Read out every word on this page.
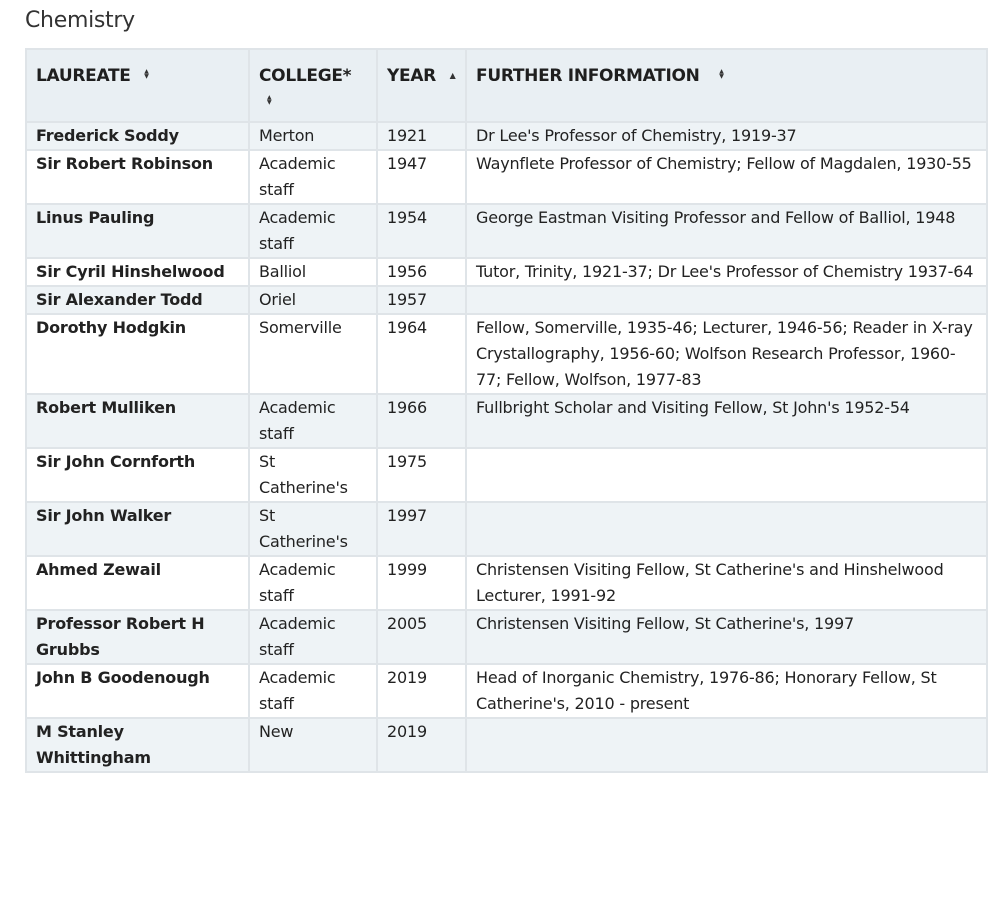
Chemistry
LAUREATE ▲ ▼	COLLEGE* ▲ ▼	YEAR ▲	FURTHER INFORMATION ▲ ▼
Frederick Soddy	Merton	1921	Dr Lee's Professor of Chemistry, 1919-37
Sir Robert Robinson	Academic staff	1947	Waynflete Professor of Chemistry; Fellow of Magdalen, 1930-55
Linus Pauling	Academic staff	1954	George Eastman Visiting Professor and Fellow of Balliol, 1948
Sir Cyril Hinshelwood	Balliol	1956	Tutor, Trinity, 1921-37; Dr Lee's Professor of Chemistry 1937-64
Sir Alexander Todd	Oriel	1957	
Dorothy Hodgkin	Somerville	1964	Fellow, Somerville, 1935-46; Lecturer, 1946-56; Reader in X-ray Crystallography, 1956-60; Wolfson Research Professor, 1960-77; Fellow, Wolfson, 1977-83
Robert Mulliken	Academic staff	1966	Fullbright Scholar and Visiting Fellow, St John's 1952-54
Sir John Cornforth	St Catherine's	1975	
Sir John Walker	St Catherine's	1997	
Ahmed Zewail	Academic staff	1999	Christensen Visiting Fellow, St Catherine's and Hinshelwood Lecturer, 1991-92
Professor Robert H Grubbs	Academic staff	2005	Christensen Visiting Fellow, St Catherine's, 1997
John B Goodenough	Academic staff	2019	Head of Inorganic Chemistry, 1976-86; Honorary Fellow, St Catherine's, 2010 - present
M Stanley Whittingham	New	2019	
